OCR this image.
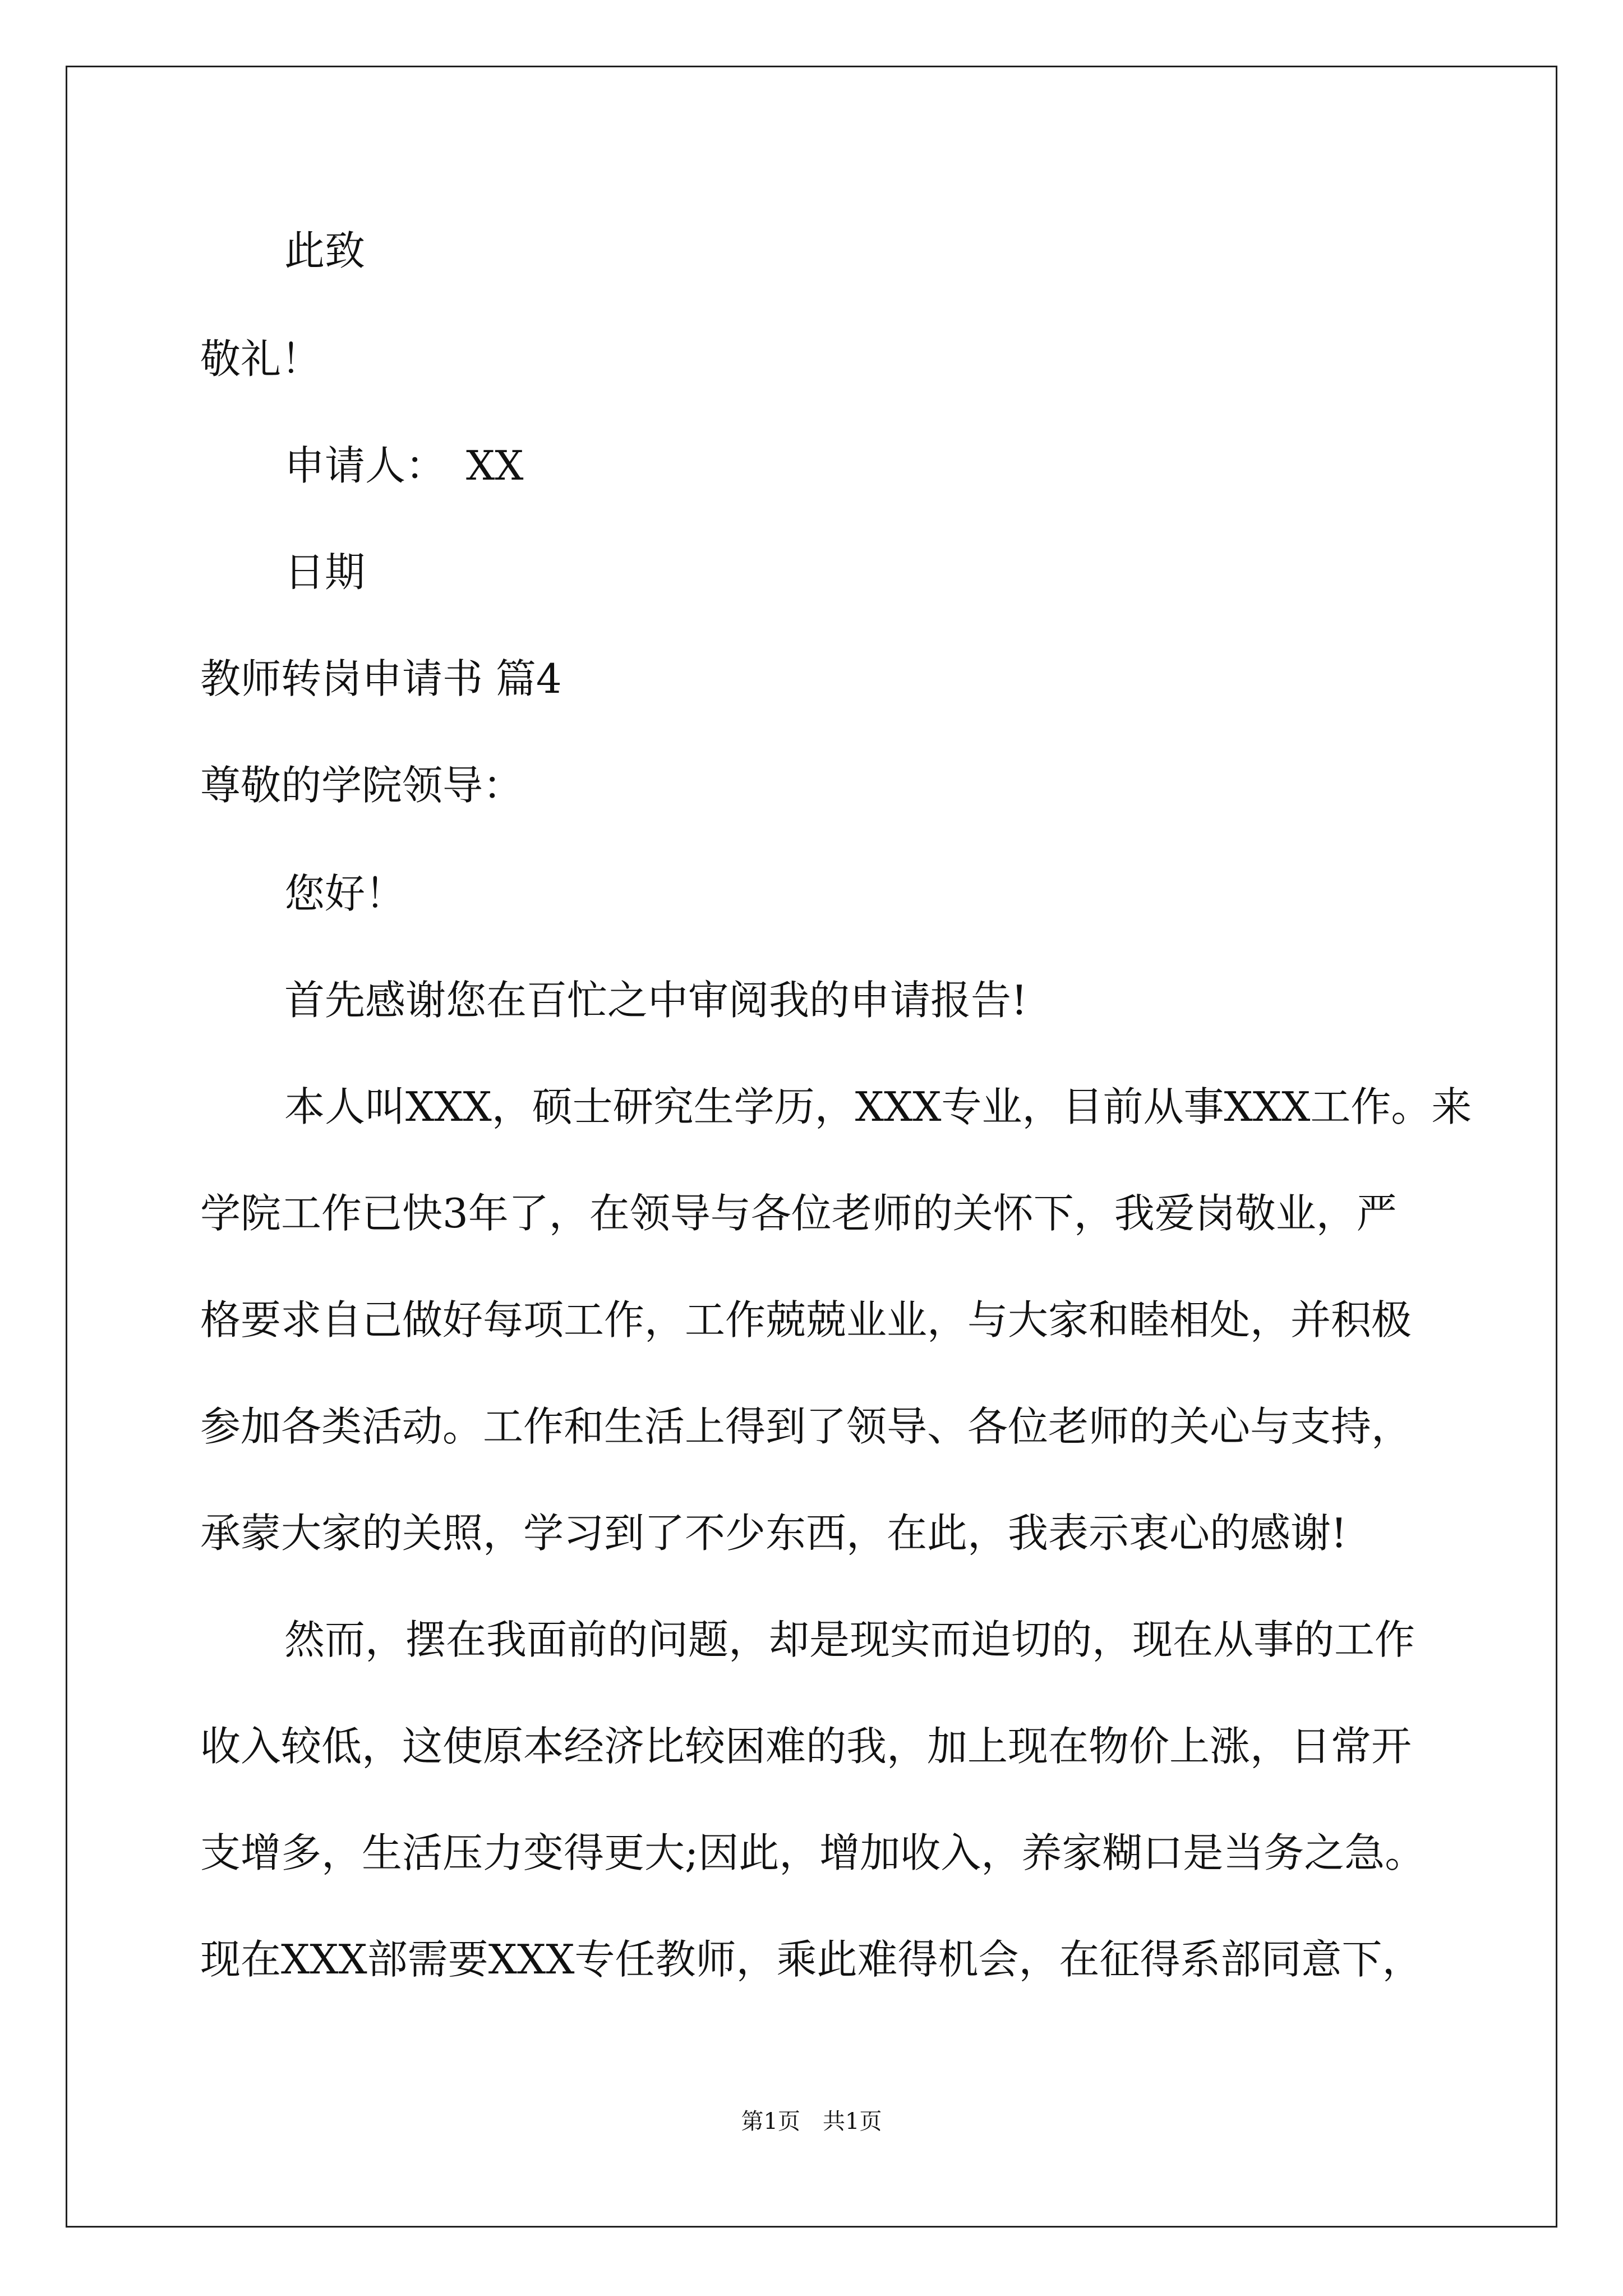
此致
敬礼！
申请人：　XX
日期
教师转岗申请书 篇4
尊敬的学院领导：
您好！
首先感谢您在百忙之中审阅我的申请报告!
本人叫XXX，硕士研究生学历，XXX专业，目前从事XXX工作。来
学院工作已快3年了，在领导与各位老师的关怀下，我爱岗敬业，严
格要求自己做好每项工作，工作兢兢业业，与大家和睦相处，并积极
参加各类活动。工作和生活上得到了领导、各位老师的关心与支持，
承蒙大家的关照，学习到了不少东西，在此，我表示衷心的感谢!
然而，摆在我面前的问题，却是现实而迫切的，现在从事的工作
收入较低，这使原本经济比较困难的我，加上现在物价上涨，日常开
支增多，生活压力变得更大;因此，增加收入，养家糊口是当务之急。
现在XXX部需要XXX专任教师，乘此难得机会，在征得系部同意下，
第1页　共1页
